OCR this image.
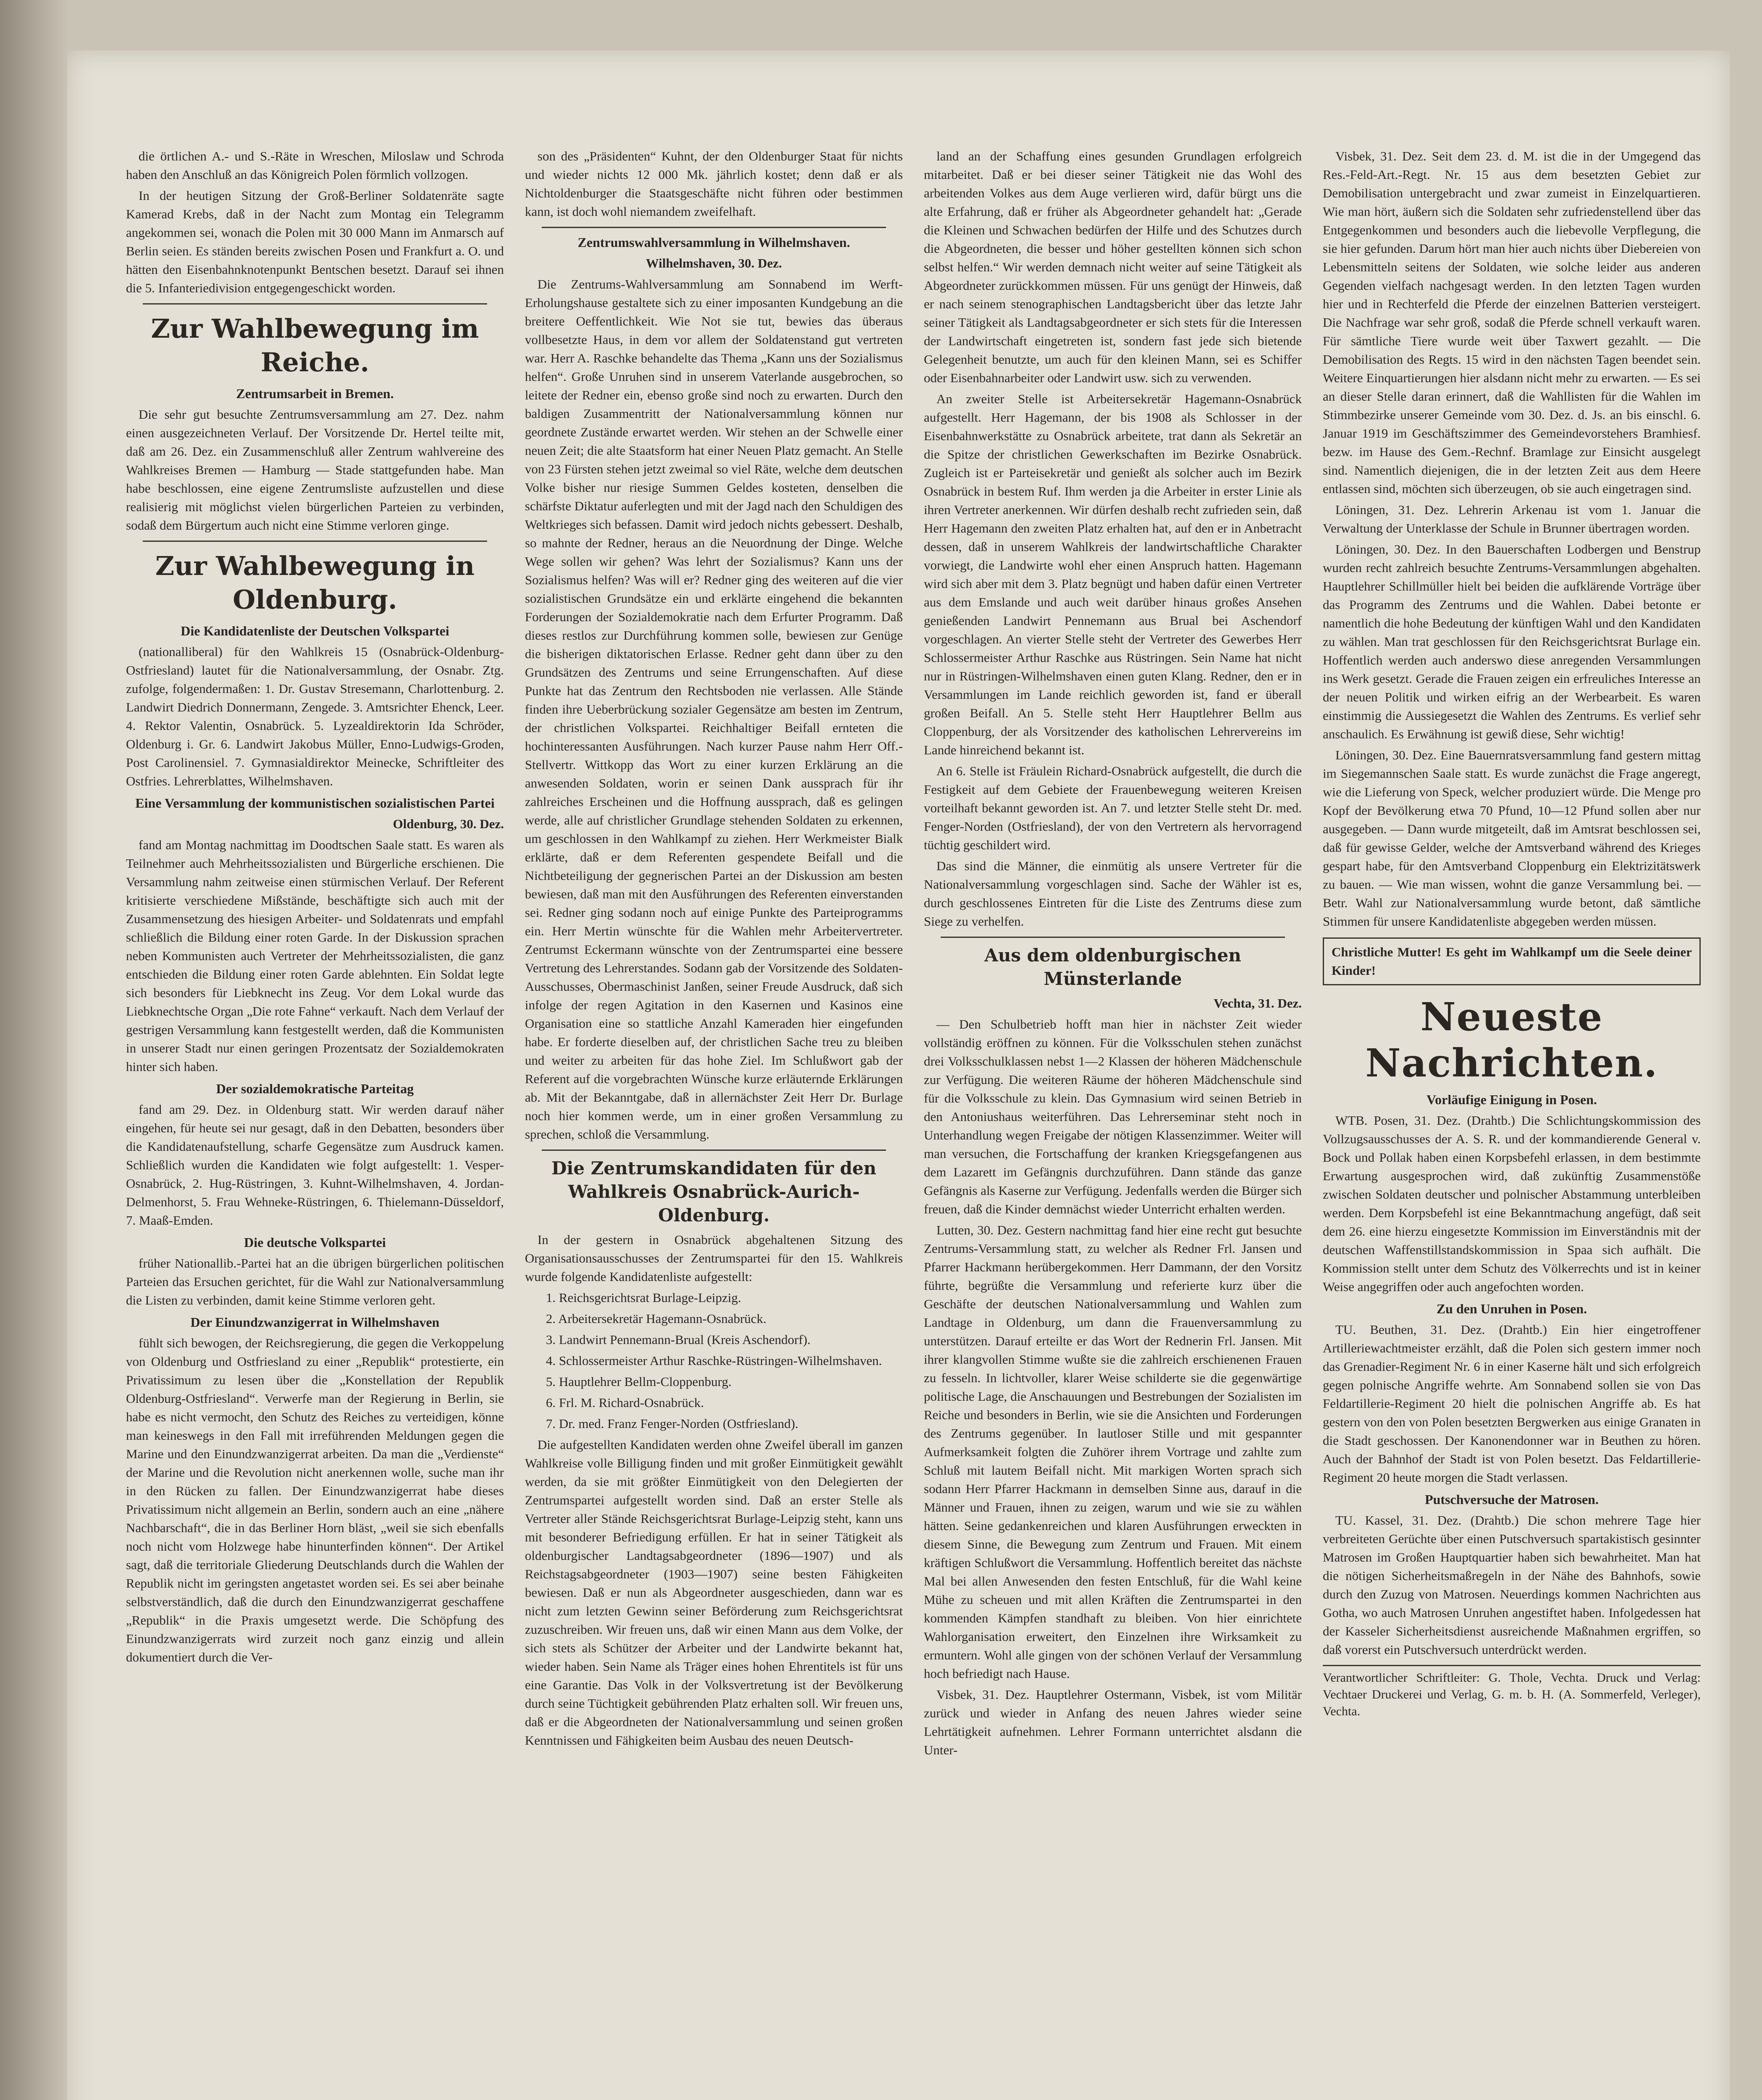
die örtlichen A.- und S.-Räte in Wreschen, Miloslaw und Schroda haben den Anschluß an das Königreich Polen förmlich vollzogen.

In der heutigen Sitzung der Groß-Berliner Soldatenräte sagte Kamerad Krebs, daß in der Nacht zum Montag ein Telegramm angekommen sei, wonach die Polen mit 30 000 Mann im Anmarsch auf Berlin seien. Es ständen bereits zwischen Posen und Frankfurt a. O. und hätten den Eisenbahnknotenpunkt Bentschen besetzt. Darauf sei ihnen die 5. Infanteriedivision entgegengeschickt worden.

Zur Wahlbewegung im Reiche.
Zentrumsarbeit in Bremen.

Die sehr gut besuchte Zentrumsversammlung am 27. Dez. nahm einen ausgezeichneten Verlauf. Der Vorsitzende Dr. Hertel teilte mit, daß am 26. Dez. ein Zusammenschluß aller Zentrum wahlvereine des Wahlkreises Bremen — Hamburg — Stade stattgefunden habe. Man habe beschlossen, eine eigene Zentrumsliste aufzustellen und diese realisierig mit möglichst vielen bürgerlichen Parteien zu verbinden, sodaß dem Bürgertum auch nicht eine Stimme verloren ginge.

Zur Wahlbewegung in Oldenburg.
Die Kandidatenliste der Deutschen Volkspartei

(nationalliberal) für den Wahlkreis 15 (Osnabrück-Oldenburg-Ostfriesland) lautet für die Nationalversammlung, der Osnabr. Ztg. zufolge, folgendermaßen: 1. Dr. Gustav Stresemann, Charlottenburg. 2. Landwirt Diedrich Donnermann, Zengede. 3. Amtsrichter Ehenck, Leer. 4. Rektor Valentin, Osnabrück. 5. Lyzealdirektorin Ida Schröder, Oldenburg i. Gr. 6. Landwirt Jakobus Müller, Enno-Ludwigs-Groden, Post Carolinensiel. 7. Gymnasialdirektor Meinecke, Schriftleiter des Ostfries. Lehrerblattes, Wilhelmshaven.

Eine Versammlung der kommunistischen sozialistischen Partei
Oldenburg, 30. Dez.

fand am Montag nachmittag im Doodtschen Saale statt. Es waren als Teilnehmer auch Mehrheitssozialisten und Bürgerliche erschienen. Die Versammlung nahm zeitweise einen stürmischen Verlauf. Der Referent kritisierte verschiedene Mißstände, beschäftigte sich auch mit der Zusammensetzung des hiesigen Arbeiter- und Soldatenrats und empfahl schließlich die Bildung einer roten Garde. In der Diskussion sprachen neben Kommunisten auch Vertreter der Mehrheitssozialisten, die ganz entschieden die Bildung einer roten Garde ablehnten. Ein Soldat legte sich besonders für Liebknecht ins Zeug. Vor dem Lokal wurde das Liebknechtsche Organ „Die rote Fahne“ verkauft. Nach dem Verlauf der gestrigen Versammlung kann festgestellt werden, daß die Kommunisten in unserer Stadt nur einen geringen Prozentsatz der Sozialdemokraten hinter sich haben.

Der sozialdemokratische Parteitag

fand am 29. Dez. in Oldenburg statt. Wir werden darauf näher eingehen, für heute sei nur gesagt, daß in den Debatten, besonders über die Kandidatenaufstellung, scharfe Gegensätze zum Ausdruck kamen. Schließlich wurden die Kandidaten wie folgt aufgestellt: 1. Vesper-Osnabrück, 2. Hug-Rüstringen, 3. Kuhnt-Wilhelmshaven, 4. Jordan-Delmenhorst, 5. Frau Wehneke-Rüstringen, 6. Thielemann-Düsseldorf, 7. Maaß-Emden.

Die deutsche Volkspartei

früher Nationallib.-Partei hat an die übrigen bürgerlichen politischen Parteien das Ersuchen gerichtet, für die Wahl zur Nationalversammlung die Listen zu verbinden, damit keine Stimme verloren geht.

Der Einundzwanzigerrat in Wilhelmshaven

fühlt sich bewogen, der Reichsregierung, die gegen die Verkoppelung von Oldenburg und Ostfriesland zu einer „Republik“ protestierte, ein Privatissimum zu lesen über die „Konstellation der Republik Oldenburg-Ostfriesland“. Verwerfe man der Regierung in Berlin, sie habe es nicht vermocht, den Schutz des Reiches zu verteidigen, könne man keineswegs in den Fall mit irreführenden Meldungen gegen die Marine und den Einundzwanzigerrat arbeiten. Da man die „Verdienste“ der Marine und die Revolution nicht anerkennen wolle, suche man ihr in den Rücken zu fallen. Der Einundzwanzigerrat habe dieses Privatissimum nicht allgemein an Berlin, sondern auch an eine „nähere Nachbarschaft“, die in das Berliner Horn bläst, „weil sie sich ebenfalls noch nicht vom Holzwege habe hinunterfinden können“. Der Artikel sagt, daß die territoriale Gliederung Deutschlands durch die Wahlen der Republik nicht im geringsten angetastet worden sei. Es sei aber beinahe selbstverständlich, daß die durch den Einundzwanzigerrat geschaffene „Republik“ in die Praxis umgesetzt werde. Die Schöpfung des Einundzwanzigerrats wird zurzeit noch ganz einzig und allein dokumentiert durch die Ver-

son des „Präsidenten“ Kuhnt, der den Oldenburger Staat für nichts und wieder nichts 12 000 Mk. jährlich kostet; denn daß er als Nichtoldenburger die Staatsgeschäfte nicht führen oder bestimmen kann, ist doch wohl niemandem zweifelhaft.

Zentrumswahlversammlung in Wilhelmshaven.
Wilhelmshaven, 30. Dez.

Die Zentrums-Wahlversammlung am Sonnabend im Werft-Erholungshause gestaltete sich zu einer imposanten Kundgebung an die breitere Oeffentlichkeit. Wie Not sie tut, bewies das überaus vollbesetzte Haus, in dem vor allem der Soldatenstand gut vertreten war. Herr A. Raschke behandelte das Thema „Kann uns der Sozialismus helfen“. Große Unruhen sind in unserem Vaterlande ausgebrochen, so leitete der Redner ein, ebenso große sind noch zu erwarten. Durch den baldigen Zusammentritt der Nationalversammlung können nur geordnete Zustände erwartet werden. Wir stehen an der Schwelle einer neuen Zeit; die alte Staatsform hat einer Neuen Platz gemacht. An Stelle von 23 Fürsten stehen jetzt zweimal so viel Räte, welche dem deutschen Volke bisher nur riesige Summen Geldes kosteten, denselben die schärfste Diktatur auferlegten und mit der Jagd nach den Schuldigen des Weltkrieges sich befassen. Damit wird jedoch nichts gebessert. Deshalb, so mahnte der Redner, heraus an die Neuordnung der Dinge. Welche Wege sollen wir gehen? Was lehrt der Sozialismus? Kann uns der Sozialismus helfen? Was will er? Redner ging des weiteren auf die vier sozialistischen Grundsätze ein und erklärte eingehend die bekannten Forderungen der Sozialdemokratie nach dem Erfurter Programm. Daß dieses restlos zur Durchführung kommen solle, bewiesen zur Genüge die bisherigen diktatorischen Erlasse. Redner geht dann über zu den Grundsätzen des Zentrums und seine Errungenschaften. Auf diese Punkte hat das Zentrum den Rechtsboden nie verlassen. Alle Stände finden ihre Ueberbrückung sozialer Gegensätze am besten im Zentrum, der christlichen Volkspartei. Reichhaltiger Beifall ernteten die hochinteressanten Ausführungen. Nach kurzer Pause nahm Herr Off.-Stellvertr. Wittkopp das Wort zu einer kurzen Erklärung an die anwesenden Soldaten, worin er seinen Dank aussprach für ihr zahlreiches Erscheinen und die Hoffnung aussprach, daß es gelingen werde, alle auf christlicher Grundlage stehenden Soldaten zu erkennen, um geschlossen in den Wahlkampf zu ziehen. Herr Werkmeister Bialk erklärte, daß er dem Referenten gespendete Beifall und die Nichtbeteiligung der gegnerischen Partei an der Diskussion am besten bewiesen, daß man mit den Ausführungen des Referenten einverstanden sei. Redner ging sodann noch auf einige Punkte des Parteiprogramms ein. Herr Mertin wünschte für die Wahlen mehr Arbeitervertreter. Zentrumst Eckermann wünschte von der Zentrumspartei eine bessere Vertretung des Lehrerstandes. Sodann gab der Vorsitzende des Soldaten-Ausschusses, Obermaschinist Janßen, seiner Freude Ausdruck, daß sich infolge der regen Agitation in den Kasernen und Kasinos eine Organisation eine so stattliche Anzahl Kameraden hier eingefunden habe. Er forderte dieselben auf, der christlichen Sache treu zu bleiben und weiter zu arbeiten für das hohe Ziel. Im Schlußwort gab der Referent auf die vorgebrachten Wünsche kurze erläuternde Erklärungen ab. Mit der Bekanntgabe, daß in allernächster Zeit Herr Dr. Burlage noch hier kommen werde, um in einer großen Versammlung zu sprechen, schloß die Versammlung.

Die Zentrumskandidaten für den Wahlkreis Osnabrück-Aurich-Oldenburg.

In der gestern in Osnabrück abgehaltenen Sitzung des Organisationsausschusses der Zentrumspartei für den 15. Wahlkreis wurde folgende Kandidatenliste aufgestellt:

1. Reichsgerichtsrat Burlage-Leipzig.

2. Arbeitersekretär Hagemann-Osnabrück.

3. Landwirt Pennemann-Brual (Kreis Aschendorf).

4. Schlossermeister Arthur Raschke-Rüstringen-Wilhelmshaven.

5. Hauptlehrer Bellm-Cloppenburg.

6. Frl. M. Richard-Osnabrück.

7. Dr. med. Franz Fenger-Norden (Ostfriesland).

Die aufgestellten Kandidaten werden ohne Zweifel überall im ganzen Wahlkreise volle Billigung finden und mit großer Einmütigkeit gewählt werden, da sie mit größter Einmütigkeit von den Delegierten der Zentrumspartei aufgestellt worden sind. Daß an erster Stelle als Vertreter aller Stände Reichsgerichtsrat Burlage-Leipzig steht, kann uns mit besonderer Befriedigung erfüllen. Er hat in seiner Tätigkeit als oldenburgischer Landtagsabgeordneter (1896—1907) und als Reichstagsabgeordneter (1903—1907) seine besten Fähigkeiten bewiesen. Daß er nun als Abgeordneter ausgeschieden, dann war es nicht zum letzten Gewinn seiner Beförderung zum Reichsgerichtsrat zuzuschreiben. Wir freuen uns, daß wir einen Mann aus dem Volke, der sich stets als Schützer der Arbeiter und der Landwirte bekannt hat, wieder haben. Sein Name als Träger eines hohen Ehrentitels ist für uns eine Garantie. Das Volk in der Volksvertretung ist der Bevölkerung durch seine Tüchtigkeit gebührenden Platz erhalten soll. Wir freuen uns, daß er die Abgeordneten der Nationalversammlung und seinen großen Kenntnissen und Fähigkeiten beim Ausbau des neuen Deutsch-

land an der Schaffung eines gesunden Grundlagen erfolgreich mitarbeitet. Daß er bei dieser seiner Tätigkeit nie das Wohl des arbeitenden Volkes aus dem Auge verlieren wird, dafür bürgt uns die alte Erfahrung, daß er früher als Abgeordneter gehandelt hat: „Gerade die Kleinen und Schwachen bedürfen der Hilfe und des Schutzes durch die Abgeordneten, die besser und höher gestellten können sich schon selbst helfen.“ Wir werden demnach nicht weiter auf seine Tätigkeit als Abgeordneter zurückkommen müssen. Für uns genügt der Hinweis, daß er nach seinem stenographischen Landtagsbericht über das letzte Jahr seiner Tätigkeit als Landtagsabgeordneter er sich stets für die Interessen der Landwirtschaft eingetreten ist, sondern fast jede sich bietende Gelegenheit benutzte, um auch für den kleinen Mann, sei es Schiffer oder Eisenbahnarbeiter oder Landwirt usw. sich zu verwenden.

An zweiter Stelle ist Arbeitersekretär Hagemann-Osnabrück aufgestellt. Herr Hagemann, der bis 1908 als Schlosser in der Eisenbahnwerkstätte zu Osnabrück arbeitete, trat dann als Sekretär an die Spitze der christlichen Gewerkschaften im Bezirke Osnabrück. Zugleich ist er Parteisekretär und genießt als solcher auch im Bezirk Osnabrück in bestem Ruf. Ihm werden ja die Arbeiter in erster Linie als ihren Vertreter anerkennen. Wir dürfen deshalb recht zufrieden sein, daß Herr Hagemann den zweiten Platz erhalten hat, auf den er in Anbetracht dessen, daß in unserem Wahlkreis der landwirtschaftliche Charakter vorwiegt, die Landwirte wohl eher einen Anspruch hatten. Hagemann wird sich aber mit dem 3. Platz begnügt und haben dafür einen Vertreter aus dem Emslande und auch weit darüber hinaus großes Ansehen genießenden Landwirt Pennemann aus Brual bei Aschendorf vorgeschlagen. An vierter Stelle steht der Vertreter des Gewerbes Herr Schlossermeister Arthur Raschke aus Rüstringen. Sein Name hat nicht nur in Rüstringen-Wilhelmshaven einen guten Klang. Redner, den er in Versammlungen im Lande reichlich geworden ist, fand er überall großen Beifall. An 5. Stelle steht Herr Hauptlehrer Bellm aus Cloppenburg, der als Vorsitzender des katholischen Lehrervereins im Lande hinreichend bekannt ist.

An 6. Stelle ist Fräulein Richard-Osnabrück aufgestellt, die durch die Festigkeit auf dem Gebiete der Frauenbewegung weiteren Kreisen vorteilhaft bekannt geworden ist. An 7. und letzter Stelle steht Dr. med. Fenger-Norden (Ostfriesland), der von den Vertretern als hervorragend tüchtig geschildert wird.

Das sind die Männer, die einmütig als unsere Vertreter für die Nationalversammlung vorgeschlagen sind. Sache der Wähler ist es, durch geschlossenes Eintreten für die Liste des Zentrums diese zum Siege zu verhelfen.

Aus dem oldenburgischen Münsterlande
Vechta, 31. Dez.

— Den Schulbetrieb hofft man hier in nächster Zeit wieder vollständig eröffnen zu können. Für die Volksschulen stehen zunächst drei Volksschulklassen nebst 1—2 Klassen der höheren Mädchenschule zur Verfügung. Die weiteren Räume der höheren Mädchenschule sind für die Volksschule zu klein. Das Gymnasium wird seinen Betrieb in den Antoniushaus weiterführen. Das Lehrerseminar steht noch in Unterhandlung wegen Freigabe der nötigen Klassenzimmer. Weiter will man versuchen, die Fortschaffung der kranken Kriegsgefangenen aus dem Lazarett im Gefängnis durchzuführen. Dann stände das ganze Gefängnis als Kaserne zur Verfügung. Jedenfalls werden die Bürger sich freuen, daß die Kinder demnächst wieder Unterricht erhalten werden.

Lutten, 30. Dez. Gestern nachmittag fand hier eine recht gut besuchte Zentrums-Versammlung statt, zu welcher als Redner Frl. Jansen und Pfarrer Hackmann herübergekommen. Herr Dammann, der den Vorsitz führte, begrüßte die Versammlung und referierte kurz über die Geschäfte der deutschen Nationalversammlung und Wahlen zum Landtage in Oldenburg, um dann die Frauenversammlung zu unterstützen. Darauf erteilte er das Wort der Rednerin Frl. Jansen. Mit ihrer klangvollen Stimme wußte sie die zahlreich erschienenen Frauen zu fesseln. In lichtvoller, klarer Weise schilderte sie die gegenwärtige politische Lage, die Anschauungen und Bestrebungen der Sozialisten im Reiche und besonders in Berlin, wie sie die Ansichten und Forderungen des Zentrums gegenüber. In lautloser Stille und mit gespannter Aufmerksamkeit folgten die Zuhörer ihrem Vortrage und zahlte zum Schluß mit lautem Beifall nicht. Mit markigen Worten sprach sich sodann Herr Pfarrer Hackmann in demselben Sinne aus, darauf in die Männer und Frauen, ihnen zu zeigen, warum und wie sie zu wählen hätten. Seine gedankenreichen und klaren Ausführungen erweckten in diesem Sinne, die Bewegung zum Zentrum und Frauen. Mit einem kräftigen Schlußwort die Versammlung. Hoffentlich bereitet das nächste Mal bei allen Anwesenden den festen Entschluß, für die Wahl keine Mühe zu scheuen und mit allen Kräften die Zentrumspartei in den kommenden Kämpfen standhaft zu bleiben. Von hier einrichtete Wahlorganisation erweitert, den Einzelnen ihre Wirksamkeit zu ermuntern. Wohl alle gingen von der schönen Verlauf der Versammlung hoch befriedigt nach Hause.

Visbek, 31. Dez. Hauptlehrer Ostermann, Visbek, ist vom Militär zurück und wieder in Anfang des neuen Jahres wieder seine Lehrtätigkeit aufnehmen. Lehrer Formann unterrichtet alsdann die Unter-

Visbek, 31. Dez. Seit dem 23. d. M. ist die in der Umgegend das Res.-Feld-Art.-Regt. Nr. 15 aus dem besetzten Gebiet zur Demobilisation untergebracht und zwar zumeist in Einzelquartieren. Wie man hört, äußern sich die Soldaten sehr zufriedenstellend über das Entgegenkommen und besonders auch die liebevolle Verpflegung, die sie hier gefunden. Darum hört man hier auch nichts über Diebereien von Lebensmitteln seitens der Soldaten, wie solche leider aus anderen Gegenden vielfach nachgesagt werden. In den letzten Tagen wurden hier und in Rechterfeld die Pferde der einzelnen Batterien versteigert. Die Nachfrage war sehr groß, sodaß die Pferde schnell verkauft waren. Für sämtliche Tiere wurde weit über Taxwert gezahlt. — Die Demobilisation des Regts. 15 wird in den nächsten Tagen beendet sein. Weitere Einquartierungen hier alsdann nicht mehr zu erwarten. — Es sei an dieser Stelle daran erinnert, daß die Wahllisten für die Wahlen im Stimmbezirke unserer Gemeinde vom 30. Dez. d. Js. an bis einschl. 6. Januar 1919 im Geschäftszimmer des Gemeindevorstehers Bramhiesf. bezw. im Hause des Gem.-Rechnf. Bramlage zur Einsicht ausgelegt sind. Namentlich diejenigen, die in der letzten Zeit aus dem Heere entlassen sind, möchten sich überzeugen, ob sie auch eingetragen sind.

Löningen, 31. Dez. Lehrerin Arkenau ist vom 1. Januar die Verwaltung der Unterklasse der Schule in Brunner übertragen worden.

Löningen, 30. Dez. In den Bauerschaften Lodbergen und Benstrup wurden recht zahlreich besuchte Zentrums-Versammlungen abgehalten. Hauptlehrer Schillmüller hielt bei beiden die aufklärende Vorträge über das Programm des Zentrums und die Wahlen. Dabei betonte er namentlich die hohe Bedeutung der künftigen Wahl und den Kandidaten zu wählen. Man trat geschlossen für den Reichsgerichtsrat Burlage ein. Hoffentlich werden auch anderswo diese anregenden Versammlungen ins Werk gesetzt. Gerade die Frauen zeigen ein erfreuliches Interesse an der neuen Politik und wirken eifrig an der Werbearbeit. Es waren einstimmig die Aussiegesetzt die Wahlen des Zentrums. Es verlief sehr anschaulich. Es Erwähnung ist gewiß diese, Sehr wichtig!

Löningen, 30. Dez. Eine Bauernratsversammlung fand gestern mittag im Siegemannschen Saale statt. Es wurde zunächst die Frage angeregt, wie die Lieferung von Speck, welcher produziert würde. Die Menge pro Kopf der Bevölkerung etwa 70 Pfund, 10—12 Pfund sollen aber nur ausgegeben. — Dann wurde mitgeteilt, daß im Amtsrat beschlossen sei, daß für gewisse Gelder, welche der Amtsverband während des Krieges gespart habe, für den Amtsverband Cloppenburg ein Elektrizitätswerk zu bauen. — Wie man wissen, wohnt die ganze Versammlung bei. — Betr. Wahl zur Nationalversammlung wurde betont, daß sämtliche Stimmen für unsere Kandidatenliste abgegeben werden müssen.

Christliche Mutter! Es geht im Wahlkampf um die Seele deiner Kinder!
Neueste Nachrichten.
Vorläufige Einigung in Posen.

WTB. Posen, 31. Dez. (Drahtb.) Die Schlichtungskommission des Vollzugsausschusses der A. S. R. und der kommandierende General v. Bock und Pollak haben einen Korpsbefehl erlassen, in dem bestimmte Erwartung ausgesprochen wird, daß zukünftig Zusammenstöße zwischen Soldaten deutscher und polnischer Abstammung unterbleiben werden. Dem Korpsbefehl ist eine Bekanntmachung angefügt, daß seit dem 26. eine hierzu eingesetzte Kommission im Einverständnis mit der deutschen Waffenstillstandskommission in Spaa sich aufhält. Die Kommission stellt unter dem Schutz des Völkerrechts und ist in keiner Weise angegriffen oder auch angefochten worden.

Zu den Unruhen in Posen.

TU. Beuthen, 31. Dez. (Drahtb.) Ein hier eingetroffener Artilleriewachtmeister erzählt, daß die Polen sich gestern immer noch das Grenadier-Regiment Nr. 6 in einer Kaserne hält und sich erfolgreich gegen polnische Angriffe wehrte. Am Sonnabend sollen sie von Das Feldartillerie-Regiment 20 hielt die polnischen Angriffe ab. Es hat gestern von den von Polen besetzten Bergwerken aus einige Granaten in die Stadt geschossen. Der Kanonendonner war in Beuthen zu hören. Auch der Bahnhof der Stadt ist von Polen besetzt. Das Feldartillerie-Regiment 20 heute morgen die Stadt verlassen.

Putschversuche der Matrosen.

TU. Kassel, 31. Dez. (Drahtb.) Die schon mehrere Tage hier verbreiteten Gerüchte über einen Putschversuch spartakistisch gesinnter Matrosen im Großen Hauptquartier haben sich bewahrheitet. Man hat die nötigen Sicherheitsmaßregeln in der Nähe des Bahnhofs, sowie durch den Zuzug von Matrosen. Neuerdings kommen Nachrichten aus Gotha, wo auch Matrosen Unruhen angestiftet haben. Infolgedessen hat der Kasseler Sicherheitsdienst ausreichende Maßnahmen ergriffen, so daß vorerst ein Putschversuch unterdrückt werden.

Verantwortlicher Schriftleiter: G. Thole, Vechta. Druck und Verlag: Vechtaer Druckerei und Verlag, G. m. b. H. (A. Sommerfeld, Verleger), Vechta.
